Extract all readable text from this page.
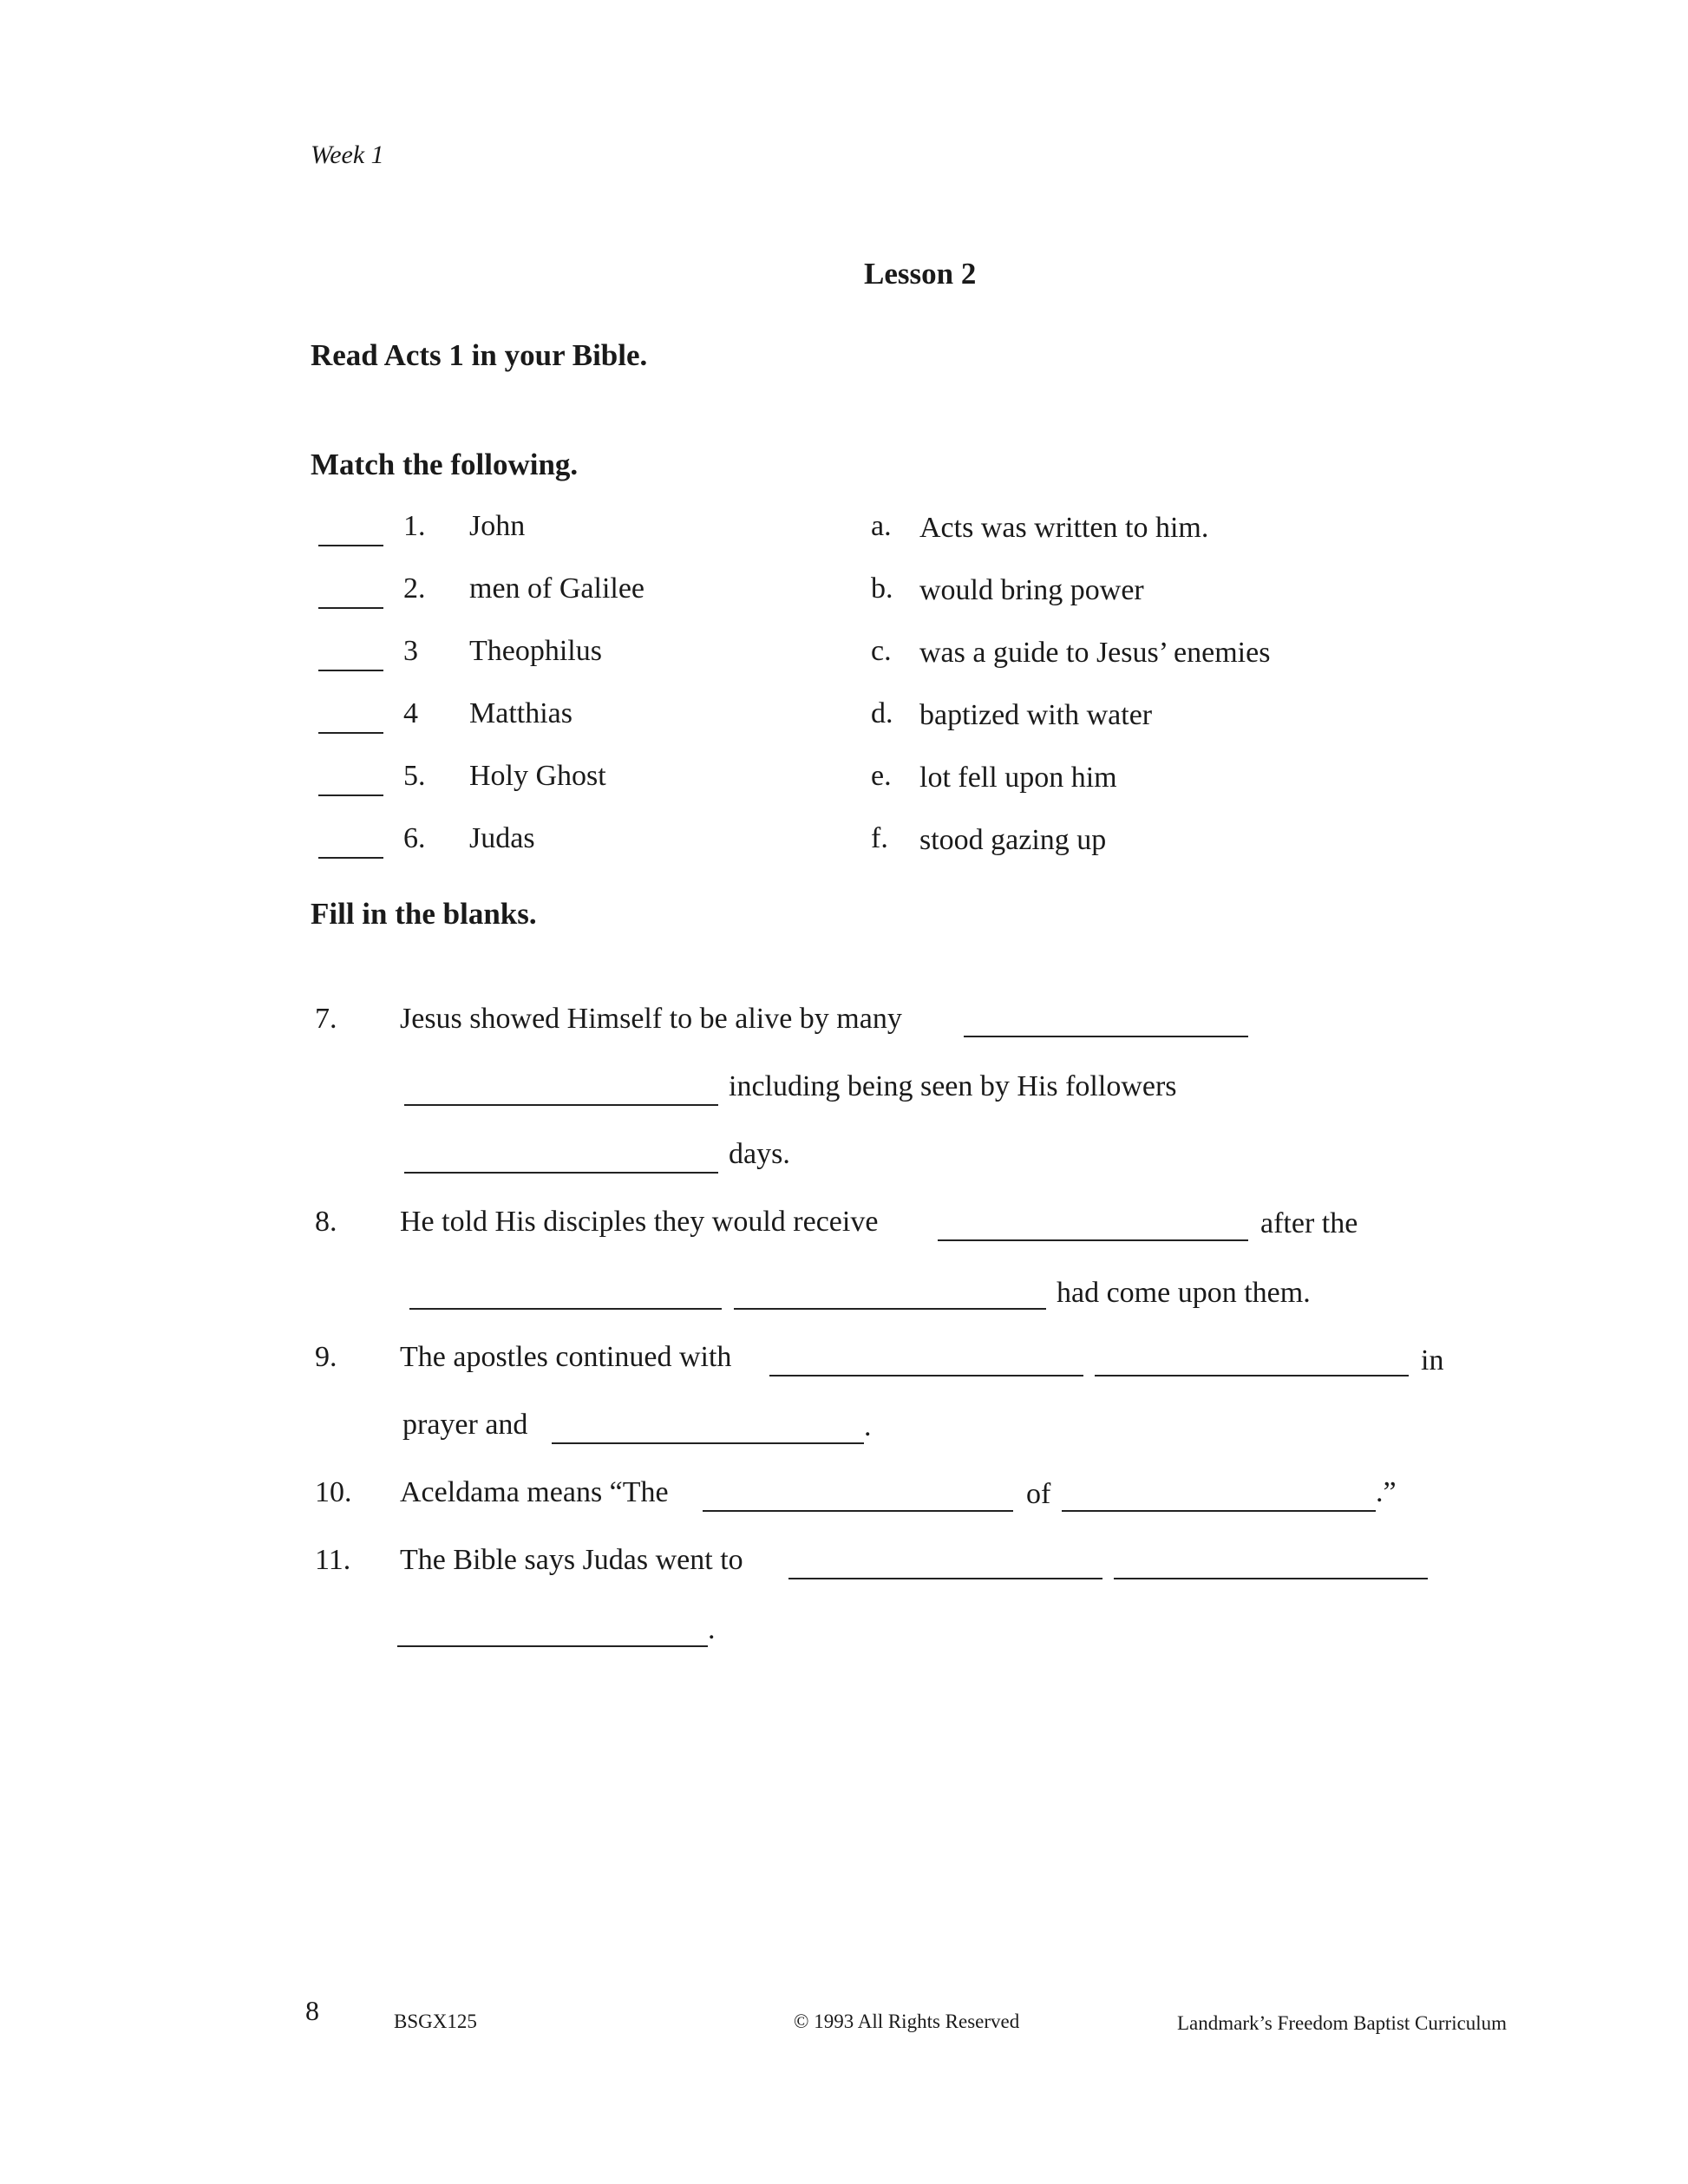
Week 1
Lesson 2
Read Acts 1 in your Bible.
Match the following.
1. John	a. Acts was written to him.
2. men of Galilee	b. would bring power
3 Theophilus	c. was a guide to Jesus’ enemies
4 Matthias	d. baptized with water
5. Holy Ghost	e. lot fell upon him
6. Judas	f. stood gazing up
Fill in the blanks.
7. Jesus showed Himself to be alive by many
including being seen by His followers
days.
8. He told His disciples they would receive	after the
had come upon them.
9. The apostles continued with	in
prayer and	.
10. Aceldama means “The	of	.”
11. The Bible says Judas went to
.
8	BSGX125	© 1993 All Rights Reserved	Landmark’s Freedom Baptist Curriculum
